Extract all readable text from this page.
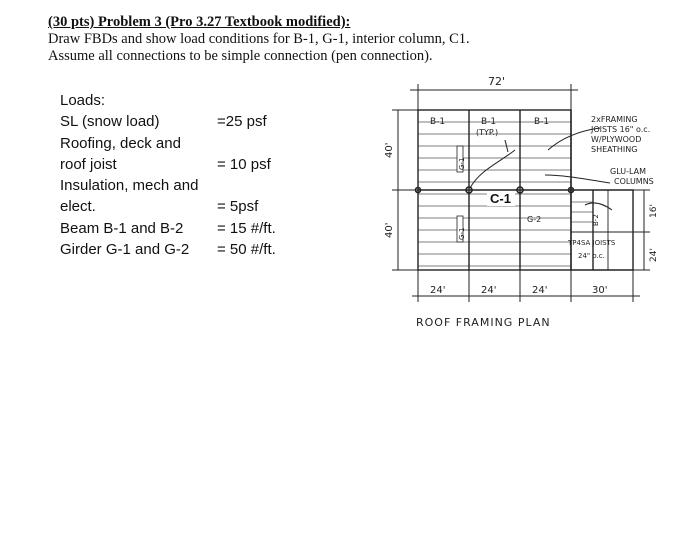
(30 pts) Problem 3 (Pro 3.27 Textbook modified):
Draw FBDs and show load conditions for B-1, G-1, interior column, C1.
Assume all connections to be simple connection (pen connection).
Loads:
SL (snow load)	=25 psf
Roofing, deck and
roof joist	= 10 psf
Insulation, mech and
elect.	= 5psf
Beam B-1 and B-2 = 15 #/ft.
Girder G-1 and G-2 = 50 #/ft.
72'
40'
40'
16'
24'
24'	24'	24'	30'
B-1	B-1
(TYP.)
B-1
G-1
G-1
G-2	B-2
TP4SA JOISTS
24" o.c.
2xFRAMING
JOISTS 16" o.c.
W/PLYWOOD
SHEATHING
GLU-LAM
COLUMNS
ROOF FRAMING PLAN
C-1
